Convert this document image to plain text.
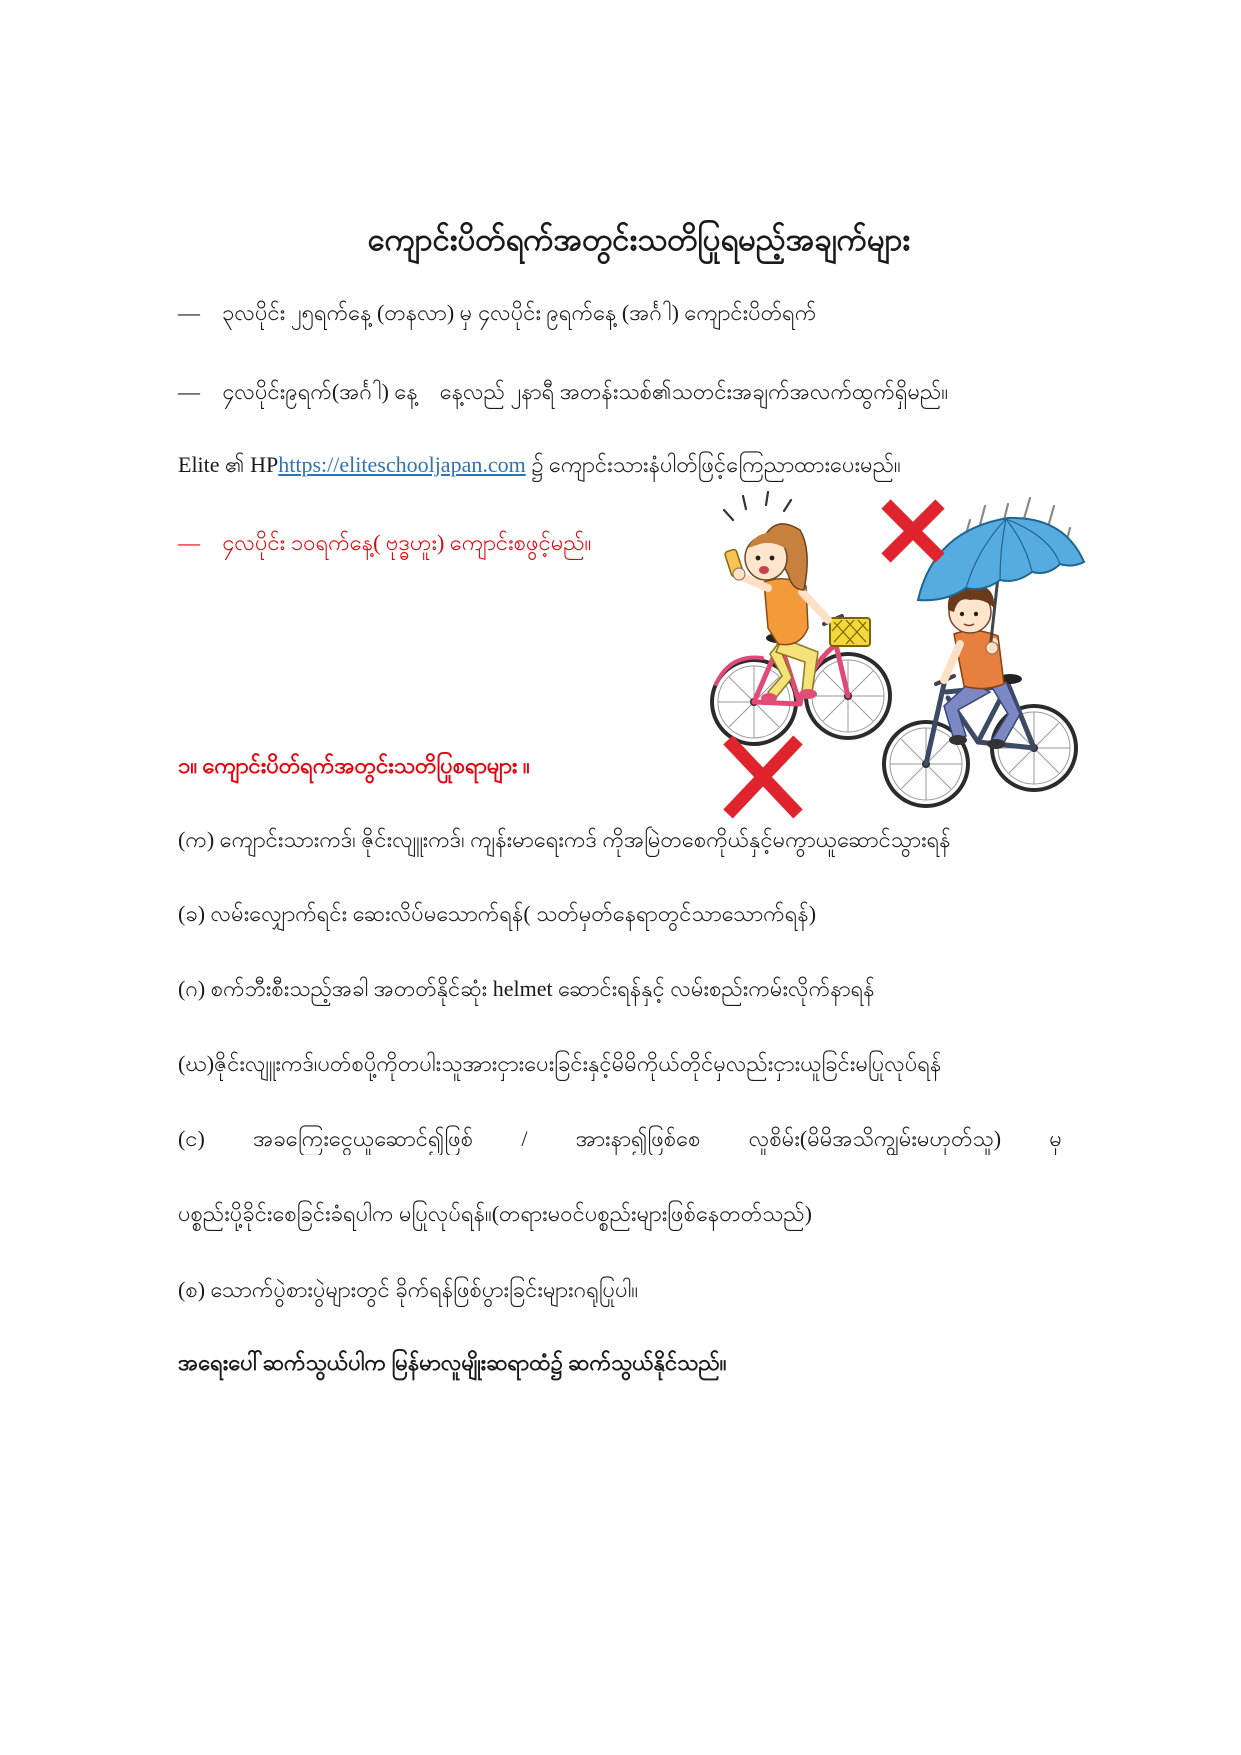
ကျောင်းပိတ်ရက်အတွင်းသတိပြုရမည့်အချက်များ
—	၃လပိုင်း ၂၅ရက်နေ့ (တနလာ) မှ ၄လပိုင်း ၉ရက်နေ့ (အင်္ဂါ) ကျောင်းပိတ်ရက်
—	၄လပိုင်း၉ရက်(အင်္ဂါ) နေ့    နေ့လည် ၂နာရီ အတန်းသစ်၏သတင်းအချက်အလက်ထွက်ရှိမည်။
Elite ၏ HP https://eliteschooljapan.com ၌ ကျောင်းသားနံပါတ်ဖြင့်ကြေညာထားပေးမည်။
—	၄လပိုင်း ၁၀ရက်နေ့( ဗုဒ္ဓဟူး) ကျောင်းစဖွင့်မည်။
၁။ ကျောင်းပိတ်ရက်အတွင်းသတိပြုစရာများ ။
(က) ကျောင်းသားကဒ်၊ ဇိုင်းလျူးကဒ်၊ ကျန်းမာရေးကဒ် ကိုအမြဲတစေကိုယ်နှင့်မကွာယူဆောင်သွားရန်
(ခ) လမ်းလျှောက်ရင်း ဆေးလိပ်မသောက်ရန်( သတ်မှတ်နေရာတွင်သာသောက်ရန်)
(ဂ) စက်ဘီးစီးသည့်အခါ အတတ်နိုင်ဆုံး helmet ဆောင်းရန်နှင့် လမ်းစည်းကမ်းလိုက်နာရန်
(ဃ)ဇိုင်းလျူးကဒ်၊ပတ်စပို့ကိုတပါးသူအားငှားပေးခြင်းနှင့်မိမိကိုယ်တိုင်မှလည်းငှားယူခြင်းမပြုလုပ်ရန်
(င) အခကြေးငွေယူဆောင်၍ဖြစ် / အားနာ၍ဖြစ်စေ လူစိမ်း(မိမိအသိကျွမ်းမဟုတ်သူ) မှ
ပစ္စည်းပို့ခိုင်းစေခြင်းခံရပါက မပြုလုပ်ရန်။(တရားမဝင်ပစ္စည်းများဖြစ်နေတတ်သည်)
(စ) သောက်ပွဲစားပွဲများတွင် ခိုက်ရန်ဖြစ်ပွားခြင်းများဂရုပြုပါ။
အရေးပေါ်ဆက်သွယ်ပါက မြန်မာလူမျိုးဆရာထံ၌ ဆက်သွယ်နိုင်သည်။
